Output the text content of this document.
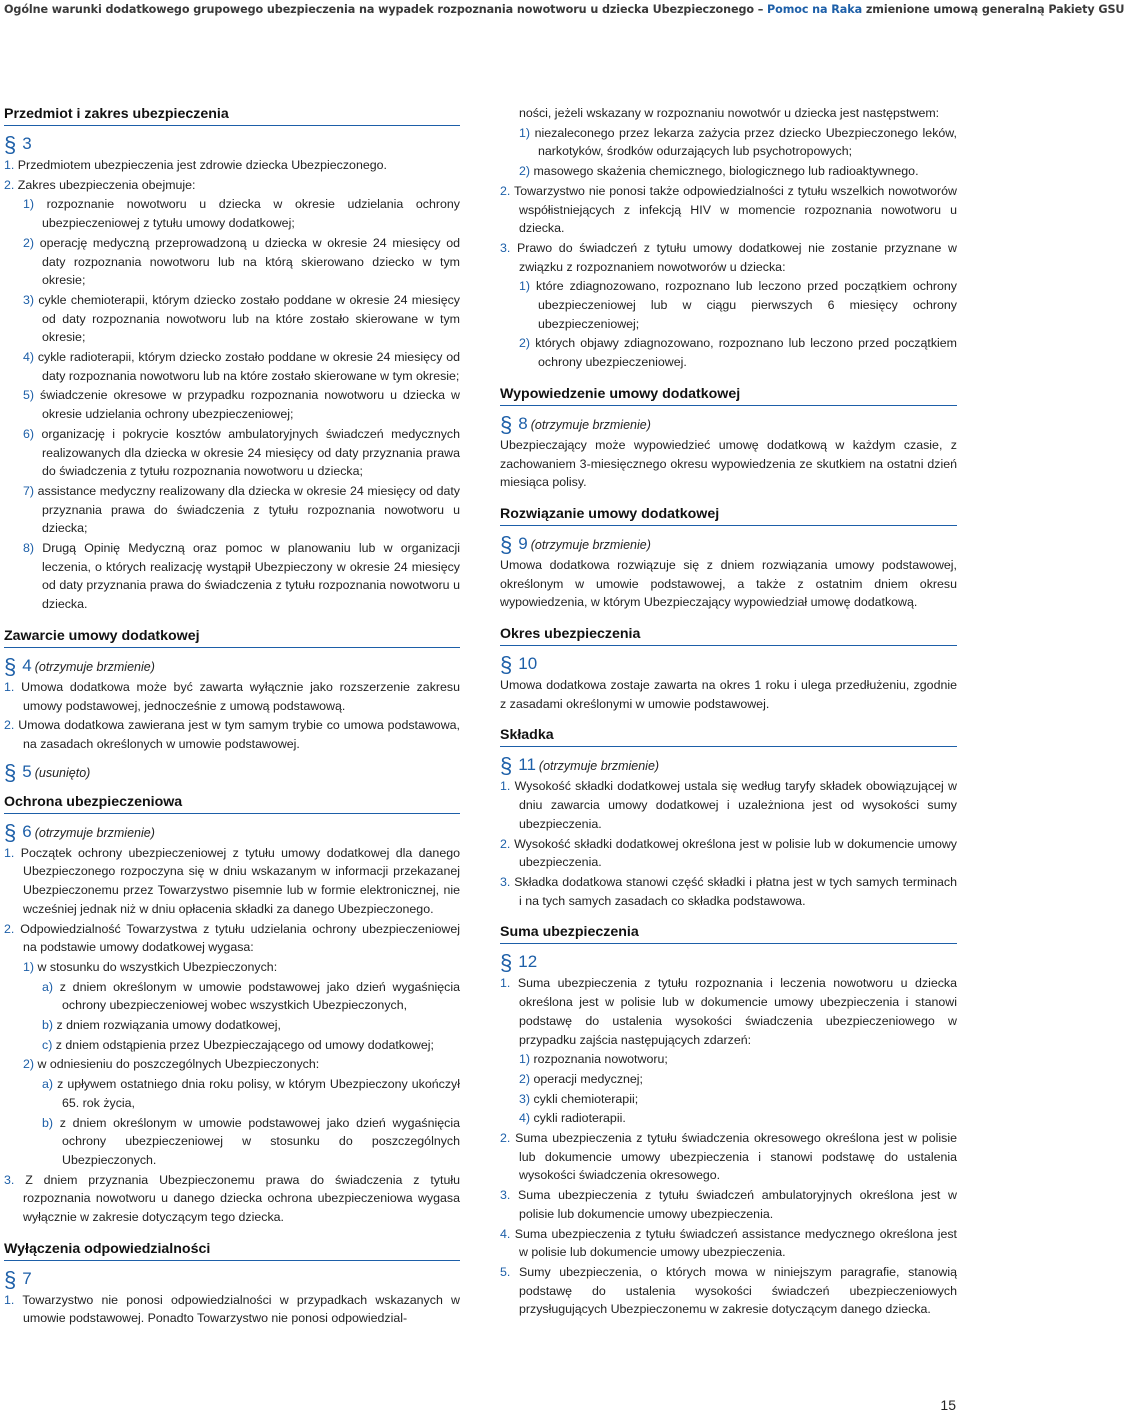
Ogólne warunki dodatkowego grupowego ubezpieczenia na wypadek rozpoznania nowotworu u dziecka Ubezpieczonego – Pomoc na Raka zmienione umową generalną Pakiety GSU
Przedmiot i zakres ubezpieczenia
§ 3

1. Przedmiotem ubezpieczenia jest zdrowie dziecka Ubezpieczonego.

2. Zakres ubezpieczenia obejmuje:

1) rozpoznanie nowotworu u dziecka w okresie udzielania ochrony ubezpieczeniowej z tytułu umowy dodatkowej;

2) operację medyczną przeprowadzoną u dziecka w okresie 24 miesięcy od daty rozpoznania nowotworu lub na którą skierowano dziecko w tym okresie;

3) cykle chemioterapii, którym dziecko zostało poddane w okresie 24 miesięcy od daty rozpoznania nowotworu lub na które zostało skierowane w tym okresie;

4) cykle radioterapii, którym dziecko zostało poddane w okresie 24 miesięcy od daty rozpoznania nowotworu lub na które zostało skierowane w tym okresie;

5) świadczenie okresowe w przypadku rozpoznania nowotworu u dziecka w okresie udzielania ochrony ubezpieczeniowej;

6) organizację i pokrycie kosztów ambulatoryjnych świadczeń medycznych realizowanych dla dziecka w okresie 24 miesięcy od daty przyznania prawa do świadczenia z tytułu rozpoznania nowotworu u dziecka;

7) assistance medyczny realizowany dla dziecka w okresie 24 miesięcy od daty przyznania prawa do świadczenia z tytułu rozpoznania nowotworu u dziecka;

8) Drugą Opinię Medyczną oraz pomoc w planowaniu lub w organizacji leczenia, o których realizację wystąpił Ubezpieczony w okresie 24 miesięcy od daty przyznania prawa do świadczenia z tytułu rozpoznania nowotworu u dziecka.

Zawarcie umowy dodatkowej
§ 4 (otrzymuje brzmienie)

1. Umowa dodatkowa może być zawarta wyłącznie jako rozszerzenie zakresu umowy podstawowej, jednocześnie z umową podstawową.

2. Umowa dodatkowa zawierana jest w tym samym trybie co umowa podstawowa, na zasadach określonych w umowie podstawowej.

§ 5 (usunięto)
Ochrona ubezpieczeniowa
§ 6 (otrzymuje brzmienie)

1. Początek ochrony ubezpieczeniowej z tytułu umowy dodatkowej dla danego Ubezpieczonego rozpoczyna się w dniu wskazanym w informacji przekazanej Ubezpieczonemu przez Towarzystwo pisemnie lub w formie elektronicznej, nie wcześniej jednak niż w dniu opłacenia składki za danego Ubezpieczonego.

2. Odpowiedzialność Towarzystwa z tytułu udzielania ochrony ubezpieczeniowej na podstawie umowy dodatkowej wygasa:

1) w stosunku do wszystkich Ubezpieczonych:

a) z dniem określonym w umowie podstawowej jako dzień wygaśnięcia ochrony ubezpieczeniowej wobec wszystkich Ubezpieczonych,

b) z dniem rozwiązania umowy dodatkowej,

c) z dniem odstąpienia przez Ubezpieczającego od umowy dodatkowej;

2) w odniesieniu do poszczególnych Ubezpieczonych:

a) z upływem ostatniego dnia roku polisy, w którym Ubezpieczony ukończył 65. rok życia,

b) z dniem określonym w umowie podstawowej jako dzień wygaśnięcia ochrony ubezpieczeniowej w stosunku do poszczególnych Ubezpieczonych.

3. Z dniem przyznania Ubezpieczonemu prawa do świadczenia z tytułu rozpoznania nowotworu u danego dziecka ochrona ubezpieczeniowa wygasa wyłącznie w zakresie dotyczącym tego dziecka.

Wyłączenia odpowiedzialności
§ 7

1. Towarzystwo nie ponosi odpowiedzialności w przypadkach wskazanych w umowie podstawowej. Ponadto Towarzystwo nie ponosi odpowiedzial-

ności, jeżeli wskazany w rozpoznaniu nowotwór u dziecka jest następstwem:

1) niezaleconego przez lekarza zażycia przez dziecko Ubezpieczonego leków, narkotyków, środków odurzających lub psychotropowych;

2) masowego skażenia chemicznego, biologicznego lub radioaktywnego.

2. Towarzystwo nie ponosi także odpowiedzialności z tytułu wszelkich nowotworów współistniejących z infekcją HIV w momencie rozpoznania nowotworu u dziecka.

3. Prawo do świadczeń z tytułu umowy dodatkowej nie zostanie przyznane w związku z rozpoznaniem nowotworów u dziecka:

1) które zdiagnozowano, rozpoznano lub leczono przed początkiem ochrony ubezpieczeniowej lub w ciągu pierwszych 6 miesięcy ochrony ubezpieczeniowej;

2) których objawy zdiagnozowano, rozpoznano lub leczono przed początkiem ochrony ubezpieczeniowej.

Wypowiedzenie umowy dodatkowej
§ 8 (otrzymuje brzmienie)

Ubezpieczający może wypowiedzieć umowę dodatkową w każdym czasie, z zachowaniem 3-miesięcznego okresu wypowiedzenia ze skutkiem na ostatni dzień miesiąca polisy.

Rozwiązanie umowy dodatkowej
§ 9 (otrzymuje brzmienie)

Umowa dodatkowa rozwiązuje się z dniem rozwiązania umowy podstawowej, określonym w umowie podstawowej, a także z ostatnim dniem okresu wypowiedzenia, w którym Ubezpieczający wypowiedział umowę dodatkową.

Okres ubezpieczenia
§ 10

Umowa dodatkowa zostaje zawarta na okres 1 roku i ulega przedłużeniu, zgodnie z zasadami określonymi w umowie podstawowej.

Składka
§ 11 (otrzymuje brzmienie)

1. Wysokość składki dodatkowej ustala się według taryfy składek obowiązującej w dniu zawarcia umowy dodatkowej i uzależniona jest od wysokości sumy ubezpieczenia.

2. Wysokość składki dodatkowej określona jest w polisie lub w dokumencie umowy ubezpieczenia.

3. Składka dodatkowa stanowi część składki i płatna jest w tych samych terminach i na tych samych zasadach co składka podstawowa.

Suma ubezpieczenia
§ 12

1. Suma ubezpieczenia z tytułu rozpoznania i leczenia nowotworu u dziecka określona jest w polisie lub w dokumencie umowy ubezpieczenia i stanowi podstawę do ustalenia wysokości świadczenia ubezpieczeniowego w przypadku zajścia następujących zdarzeń:

1) rozpoznania nowotworu;

2) operacji medycznej;

3) cykli chemioterapii;

4) cykli radioterapii.

2. Suma ubezpieczenia z tytułu świadczenia okresowego określona jest w polisie lub dokumencie umowy ubezpieczenia i stanowi podstawę do ustalenia wysokości świadczenia okresowego.

3. Suma ubezpieczenia z tytułu świadczeń ambulatoryjnych określona jest w polisie lub dokumencie umowy ubezpieczenia.

4. Suma ubezpieczenia z tytułu świadczeń assistance medycznego określona jest w polisie lub dokumencie umowy ubezpieczenia.

5. Sumy ubezpieczenia, o których mowa w niniejszym paragrafie, stanowią podstawę do ustalenia wysokości świadczeń ubezpieczeniowych przysługujących Ubezpieczonemu w zakresie dotyczącym danego dziecka.

15
